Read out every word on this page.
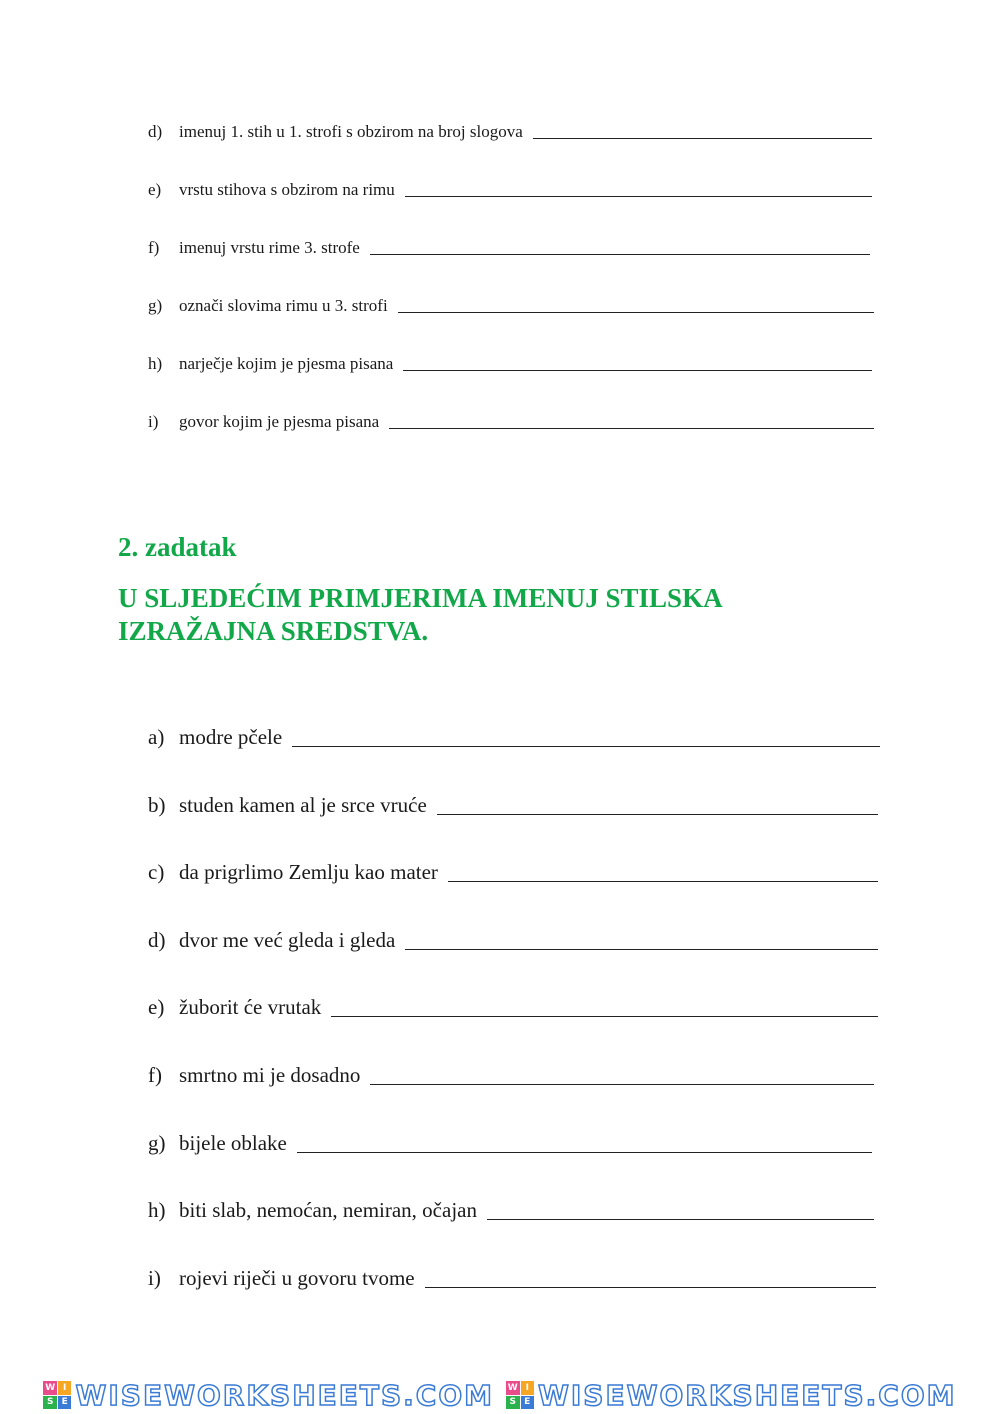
d) imenuj 1. stih u 1. strofi s obzirom na broj slogova
e)	vrstu stihova s obzirom na rimu
f)	imenuj vrstu rime 3. strofe
g) označi slovima rimu u 3. strofi
h) narječje kojim je pjesma pisana
i)	govor kojim je pjesma pisana
2. zadatak
U SLJEDEĆIM PRIMJERIMA IMENUJ STILSKA
IZRAŽAJNA SREDSTVA.
a) modre pčele
b) studen kamen al je srce vruće
c) da prigrlimo Zemlju kao mater
d) dvor me već gleda i gleda
e) žuborit će vrutak
f) smrtno mi je dosadno
g) bijele oblake
h) biti slab, nemoćan, nemiran, očajan
i) rojevi riječi u govoru tvome
W I
S E WISEWORKSHEETS.COM W I
S E WISEWORKSHEETS.COM
